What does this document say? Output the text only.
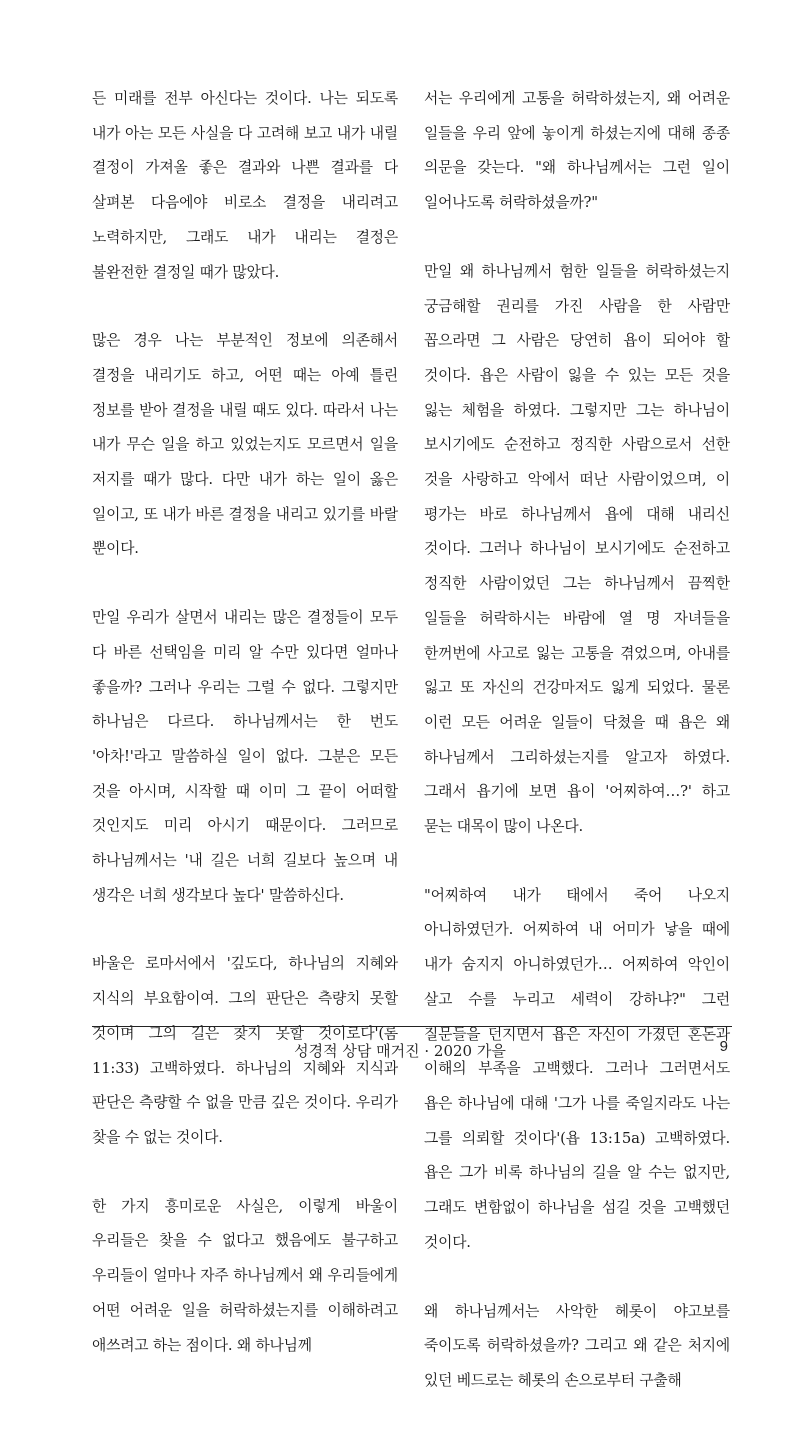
든 미래를 전부 아신다는 것이다. 나는 되도록 내가 아는 모든 사실을 다 고려해 보고 내가 내릴 결정이 가져올 좋은 결과와 나쁜 결과를 다 살펴본 다음에야 비로소 결정을 내리려고 노력하지만, 그래도 내가 내리는 결정은 불완전한 결정일 때가 많았다.

많은 경우 나는 부분적인 정보에 의존해서 결정을 내리기도 하고, 어떤 때는 아예 틀린 정보를 받아 결정을 내릴 때도 있다. 따라서 나는 내가 무슨 일을 하고 있었는지도 모르면서 일을 저지를 때가 많다. 다만 내가 하는 일이 옳은 일이고, 또 내가 바른 결정을 내리고 있기를 바랄 뿐이다.

만일 우리가 살면서 내리는 많은 결정들이 모두 다 바른 선택임을 미리 알 수만 있다면 얼마나 좋을까? 그러나 우리는 그럴 수 없다. 그렇지만 하나님은 다르다. 하나님께서는 한 번도 '아차!'라고 말씀하실 일이 없다. 그분은 모든 것을 아시며, 시작할 때 이미 그 끝이 어떠할 것인지도 미리 아시기 때문이다. 그러므로 하나님께서는 '내 길은 너희 길보다 높으며 내 생각은 너희 생각보다 높다' 말씀하신다.

바울은 로마서에서 '깊도다, 하나님의 지혜와 지식의 부요함이여. 그의 판단은 측량치 못할 것이며 그의 길은 찾지 못할 것이로다'(롬 11:33) 고백하였다. 하나님의 지혜와 지식과 판단은 측량할 수 없을 만큼 깊은 것이다. 우리가 찾을 수 없는 것이다.

한 가지 흥미로운 사실은, 이렇게 바울이 우리들은 찾을 수 없다고 했음에도 불구하고 우리들이 얼마나 자주 하나님께서 왜 우리들에게 어떤 어려운 일을 허락하셨는지를 이해하려고 애쓰려고 하는 점이다. 왜 하나님께

서는 우리에게 고통을 허락하셨는지, 왜 어려운 일들을 우리 앞에 놓이게 하셨는지에 대해 종종 의문을 갖는다. "왜 하나님께서는 그런 일이 일어나도록 허락하셨을까?"

만일 왜 하나님께서 험한 일들을 허락하셨는지 궁금해할 권리를 가진 사람을 한 사람만 꼽으라면 그 사람은 당연히 욥이 되어야 할 것이다. 욥은 사람이 잃을 수 있는 모든 것을 잃는 체험을 하였다. 그렇지만 그는 하나님이 보시기에도 순전하고 정직한 사람으로서 선한 것을 사랑하고 악에서 떠난 사람이었으며, 이 평가는 바로 하나님께서 욥에 대해 내리신 것이다. 그러나 하나님이 보시기에도 순전하고 정직한 사람이었던 그는 하나님께서 끔찍한 일들을 허락하시는 바람에 열 명 자녀들을 한꺼번에 사고로 잃는 고통을 겪었으며, 아내를 잃고 또 자신의 건강마저도 잃게 되었다. 물론 이런 모든 어려운 일들이 닥쳤을 때 욥은 왜 하나님께서 그리하셨는지를 알고자 하였다. 그래서 욥기에 보면 욥이 '어찌하여…?' 하고 묻는 대목이 많이 나온다.

"어찌하여 내가 태에서 죽어 나오지 아니하였던가. 어찌하여 내 어미가 낳을 때에 내가 숨지지 아니하였던가… 어찌하여 악인이 살고 수를 누리고 세력이 강하냐?" 그런 질문들을 던지면서 욥은 자신이 가졌던 혼돈과 이해의 부족을 고백했다. 그러나 그러면서도 욥은 하나님에 대해 '그가 나를 죽일지라도 나는 그를 의뢰할 것이다'(욥 13:15a) 고백하였다. 욥은 그가 비록 하나님의 길을 알 수는 없지만, 그래도 변함없이 하나님을 섬길 것을 고백했던 것이다.

왜 하나님께서는 사악한 헤롯이 야고보를 죽이도록 허락하셨을까? 그리고 왜 같은 처지에 있던 베드로는 헤롯의 손으로부터 구출해

성경적 상담 매거진 · 2020 가을	9
